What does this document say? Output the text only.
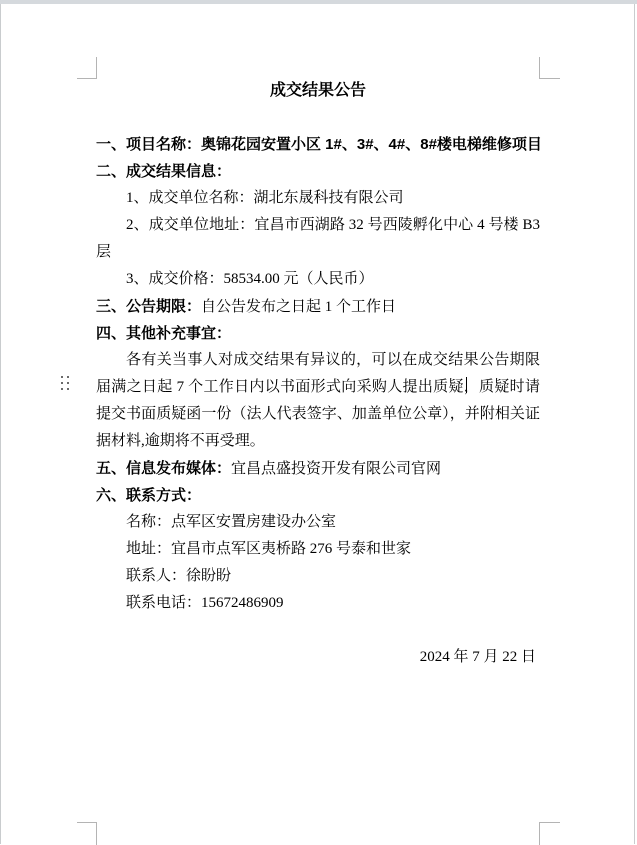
成交结果公告
一、项目名称：奥锦花园安置小区 1#、3#、4#、8#楼电梯维修项目
二、成交结果信息：
1、成交单位名称：湖北东晟科技有限公司

2、成交单位地址：宜昌市西湖路 32 号西陵孵化中心 4 号楼 B3 层

3、成交价格：58534.00 元（人民币）
三、公告期限：自公告发布之日起 1 个工作日
四、其他补充事宜：

各有关当事人对成交结果有异议的，可以在成交结果公告期限届满之日起 7 个工作日内以书面形式向采购人提出质疑，质疑时请提交书面质疑函一份（法人代表签字、加盖单位公章），并附相关证据材料,逾期将不再受理。

五、信息发布媒体：宜昌点盛投资开发有限公司官网
六、联系方式：
名称：点军区安置房建设办公室
地址：宜昌市点军区夷桥路 276 号泰和世家
联系人：徐盼盼
联系电话：15672486909
2024 年 7 月 22 日
